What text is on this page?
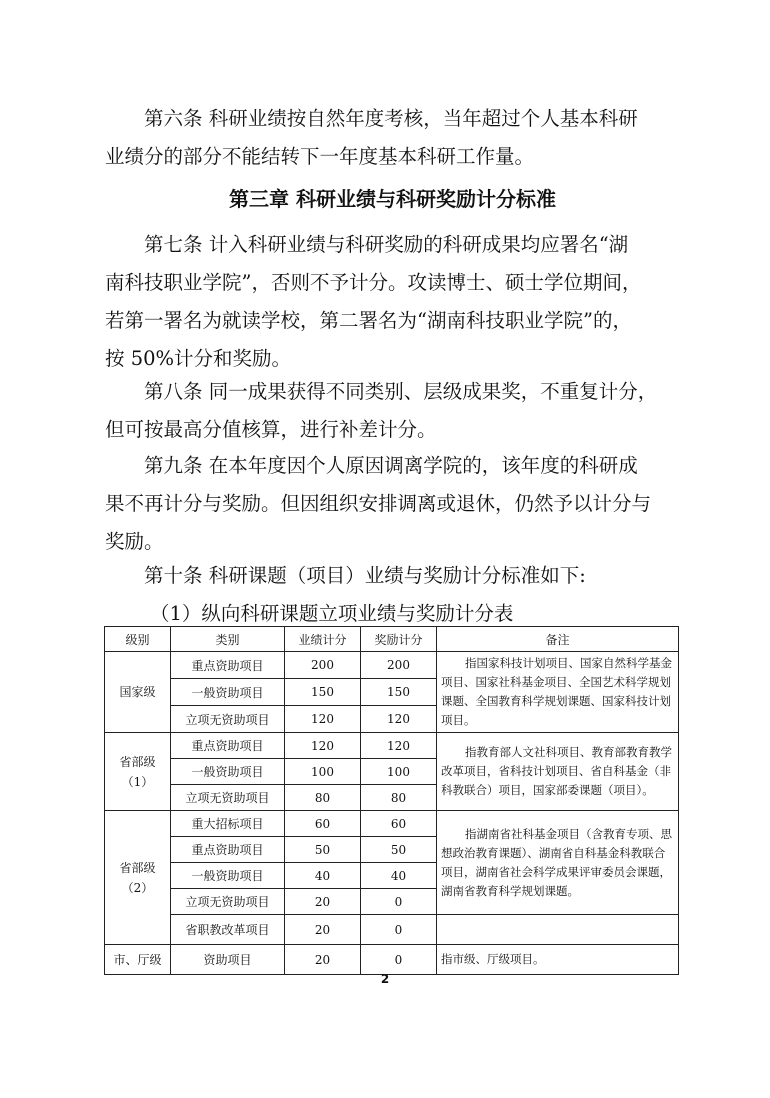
第六条 科研业绩按自然年度考核，当年超过个人基本科研
业绩分的部分不能结转下一年度基本科研工作量。

第三章 科研业绩与科研奖励计分标准

第七条 计入科研业绩与科研奖励的科研成果均应署名“湖
南科技职业学院”，否则不予计分。攻读博士、硕士学位期间，
若第一署名为就读学校，第二署名为“湖南科技职业学院”的，
按 50%计分和奖励。

第八条 同一成果获得不同类别、层级成果奖，不重复计分，
但可按最高分值核算，进行补差计分。

第九条 在本年度因个人原因调离学院的，该年度的科研成
果不再计分与奖励。但因组织安排调离或退休，仍然予以计分与
奖励。

第十条 科研课题（项目）业绩与奖励计分标准如下:

（1）纵向科研课题立项业绩与奖励计分表
级别	类别	业绩计分	奖励计分	备注
国家级	重点资助项目	200	200	指国家科技计划项目、国家自然科学基金项目、国家社科基金项目、全国艺术科学规划课题、全国教育科学规划课题、国家科技计划项目。

	一般资助项目	150	150	
	立项无资助项目	120	120	
省部级
（1）	重点资助项目	120	120	指教育部人文社科项目、教育部教育教学改革项目，省科技计划项目、省自科基金（非科教联合）项目，国家部委课题（项目）。

	一般资助项目	100	100	
	立项无资助项目	80	80	
省部级
（2）	重大招标项目	60	60	指湖南省社科基金项目（含教育专项、思想政治教育课题）、湖南省自科基金科教联合项目，湖南省社会科学成果评审委员会课题，湖南省教育科学规划课题。

	重点资助项目	50	50	
	一般资助项目	40	40	
	立项无资助项目	20	0	
	省职教改革项目	20	0	
市、厅级	资助项目	20	0	指市级、厅级项目。
2
